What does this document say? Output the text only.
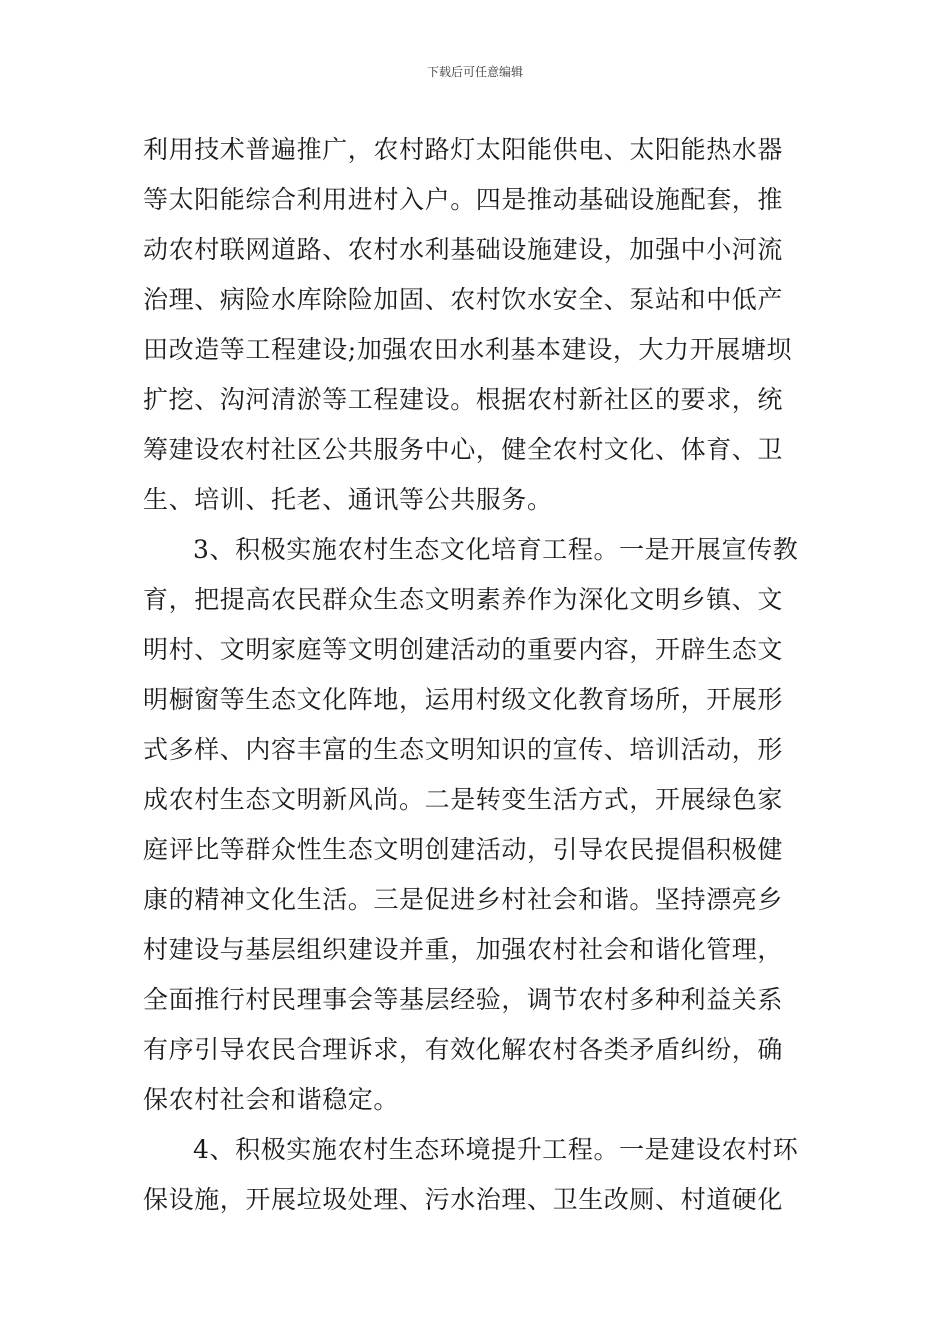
下载后可任意编辑
利用技术普遍推广，农村路灯太阳能供电、太阳能热水器
等太阳能综合利用进村入户。四是推动基础设施配套，推
动农村联网道路、农村水利基础设施建设，加强中小河流
治理、病险水库除险加固、农村饮水安全、泵站和中低产
田改造等工程建设;加强农田水利基本建设，大力开展塘坝
扩挖、沟河清淤等工程建设。根据农村新社区的要求，统
筹建设农村社区公共服务中心，健全农村文化、体育、卫
生、培训、托老、通讯等公共服务。
3、积极实施农村生态文化培育工程。一是开展宣传教
育，把提高农民群众生态文明素养作为深化文明乡镇、文
明村、文明家庭等文明创建活动的重要内容，开辟生态文
明橱窗等生态文化阵地，运用村级文化教育场所，开展形
式多样、内容丰富的生态文明知识的宣传、培训活动，形
成农村生态文明新风尚。二是转变生活方式，开展绿色家
庭评比等群众性生态文明创建活动，引导农民提倡积极健
康的精神文化生活。三是促进乡村社会和谐。坚持漂亮乡
村建设与基层组织建设并重，加强农村社会和谐化管理，
全面推行村民理事会等基层经验，调节农村多种利益关系
有序引导农民合理诉求，有效化解农村各类矛盾纠纷，确
保农村社会和谐稳定。
4、积极实施农村生态环境提升工程。一是建设农村环
保设施，开展垃圾处理、污水治理、卫生改厕、村道硬化
